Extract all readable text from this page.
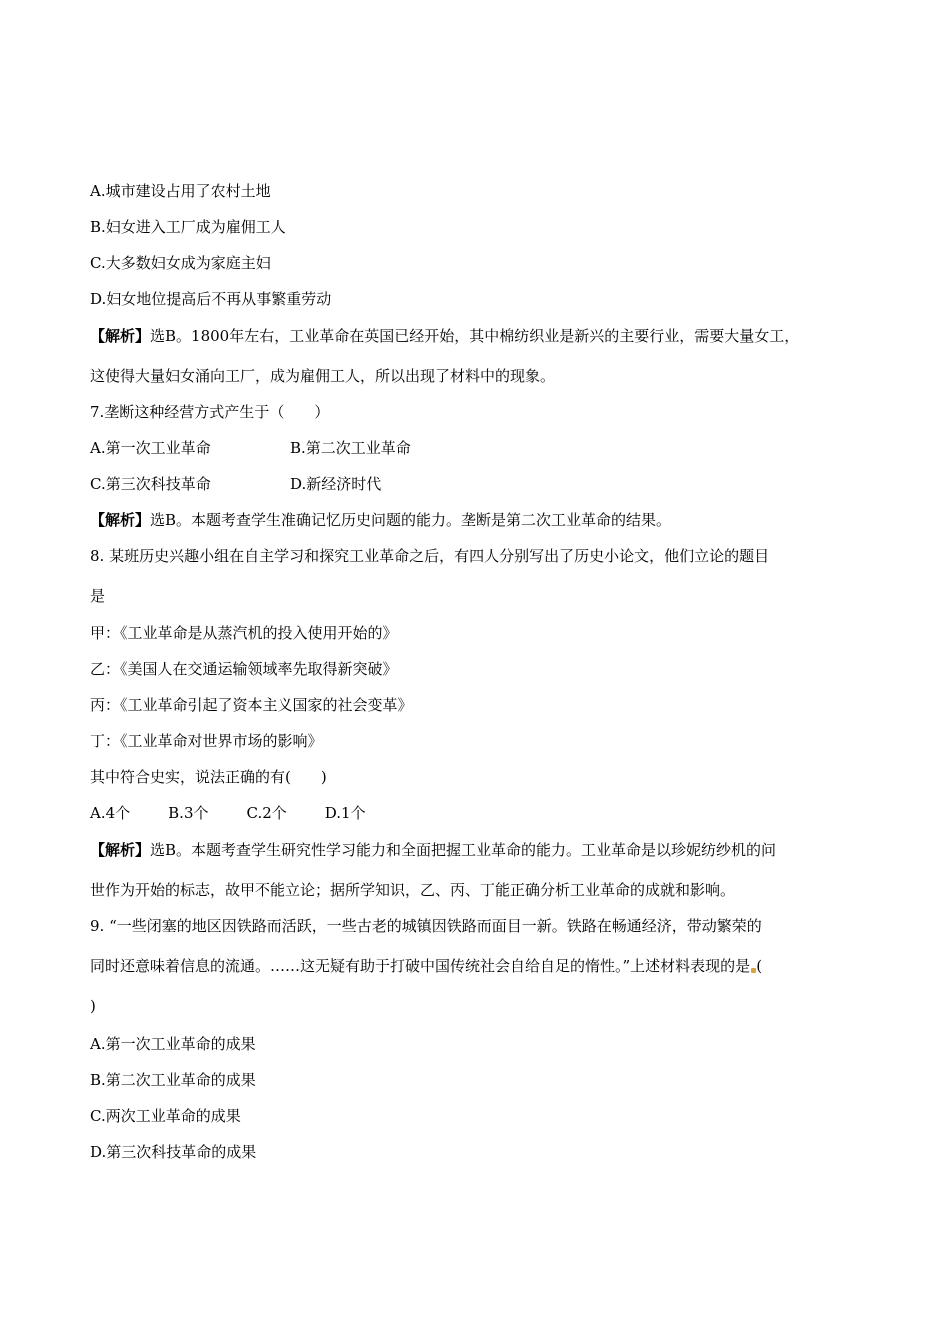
A.城市建设占用了农村土地
B.妇女进入工厂成为雇佣工人
C.大多数妇女成为家庭主妇
D.妇女地位提高后不再从事繁重劳动
【解析】选B。1800年左右，工业革命在英国已经开始，其中棉纺织业是新兴的主要行业，需要大量女工，
这使得大量妇女涌向工厂，成为雇佣工人，所以出现了材料中的现象。
7.垄断这种经营方式产生于（　　）
A.第一次工业革命	B.第二次工业革命
C.第三次科技革命	D.新经济时代
【解析】选B。本题考查学生准确记忆历史问题的能力。垄断是第二次工业革命的结果。
8. 某班历史兴趣小组在自主学习和探究工业革命之后，有四人分别写出了历史小论文，他们立论的题目
是
甲：《工业革命是从蒸汽机的投入使用开始的》
乙：《美国人在交通运输领域率先取得新突破》
丙：《工业革命引起了资本主义国家的社会变革》
丁：《工业革命对世界市场的影响》
其中符合史实，说法正确的有(　　)
A.4个	B.3个	C.2个	D.1个
【解析】选B。本题考查学生研究性学习能力和全面把握工业革命的能力。工业革命是以珍妮纺纱机的问
世作为开始的标志，故甲不能立论；据所学知识，乙、丙、丁能正确分析工业革命的成就和影响。
9. “一些闭塞的地区因铁路而活跃，一些古老的城镇因铁路而面目一新。铁路在畅通经济，带动繁荣的
同时还意味着信息的流通。……这无疑有助于打破中国传统社会自给自足的惰性。”上述材料表现的是 (
)
A.第一次工业革命的成果
B.第二次工业革命的成果
C.两次工业革命的成果
D.第三次科技革命的成果
